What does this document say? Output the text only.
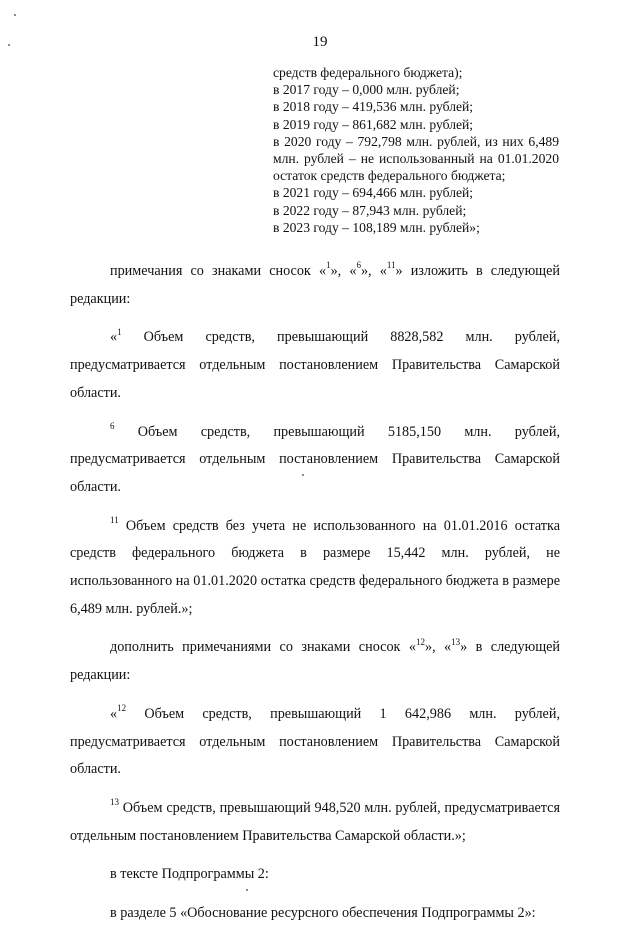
19
средств федерального бюджета);
в 2017 году – 0,000 млн. рублей;
в 2018 году – 419,536 млн. рублей;
в 2019 году – 861,682 млн. рублей;
в 2020 году – 792,798 млн. рублей, из них 6,489 млн. рублей – не использованный на 01.01.2020 остаток средств федерального бюджета;
в 2021 году – 694,466 млн. рублей;
в 2022 году – 87,943 млн. рублей;
в 2023 году – 108,189 млн. рублей»;

примечания со знаками сносок «$^1$», «$^6$», «$^{11}$» изложить в следующей редакции:

«$^1$ Объем средств, превышающий 8828,582 млн. рублей, предусматривается отдельным постановлением Правительства Самарской области.

$^6$ Объем средств, превышающий 5185,150 млн. рублей, предусматривается отдельным постановлением Правительства Самарской области.

$^{11}$ Объем средств без учета не использованного на 01.01.2016 остатка средств федерального бюджета в размере 15,442 млн. рублей, не использованного на 01.01.2020 остатка средств федерального бюджета в размере 6,489 млн. рублей.»;

дополнить примечаниями со знаками сносок «$^{12}$», «$^{13}$» в следующей редакции:

«$^{12}$ Объем средств, превышающий 1 642,986 млн. рублей, предусматривается отдельным постановлением Правительства Самарской области.

$^{13}$ Объем средств, превышающий 948,520 млн. рублей, предусматривается отдельным постановлением Правительства Самарской области.»;

в тексте Подпрограммы 2:

в разделе 5 «Обоснование ресурсного обеспечения Подпрограммы 2»:
